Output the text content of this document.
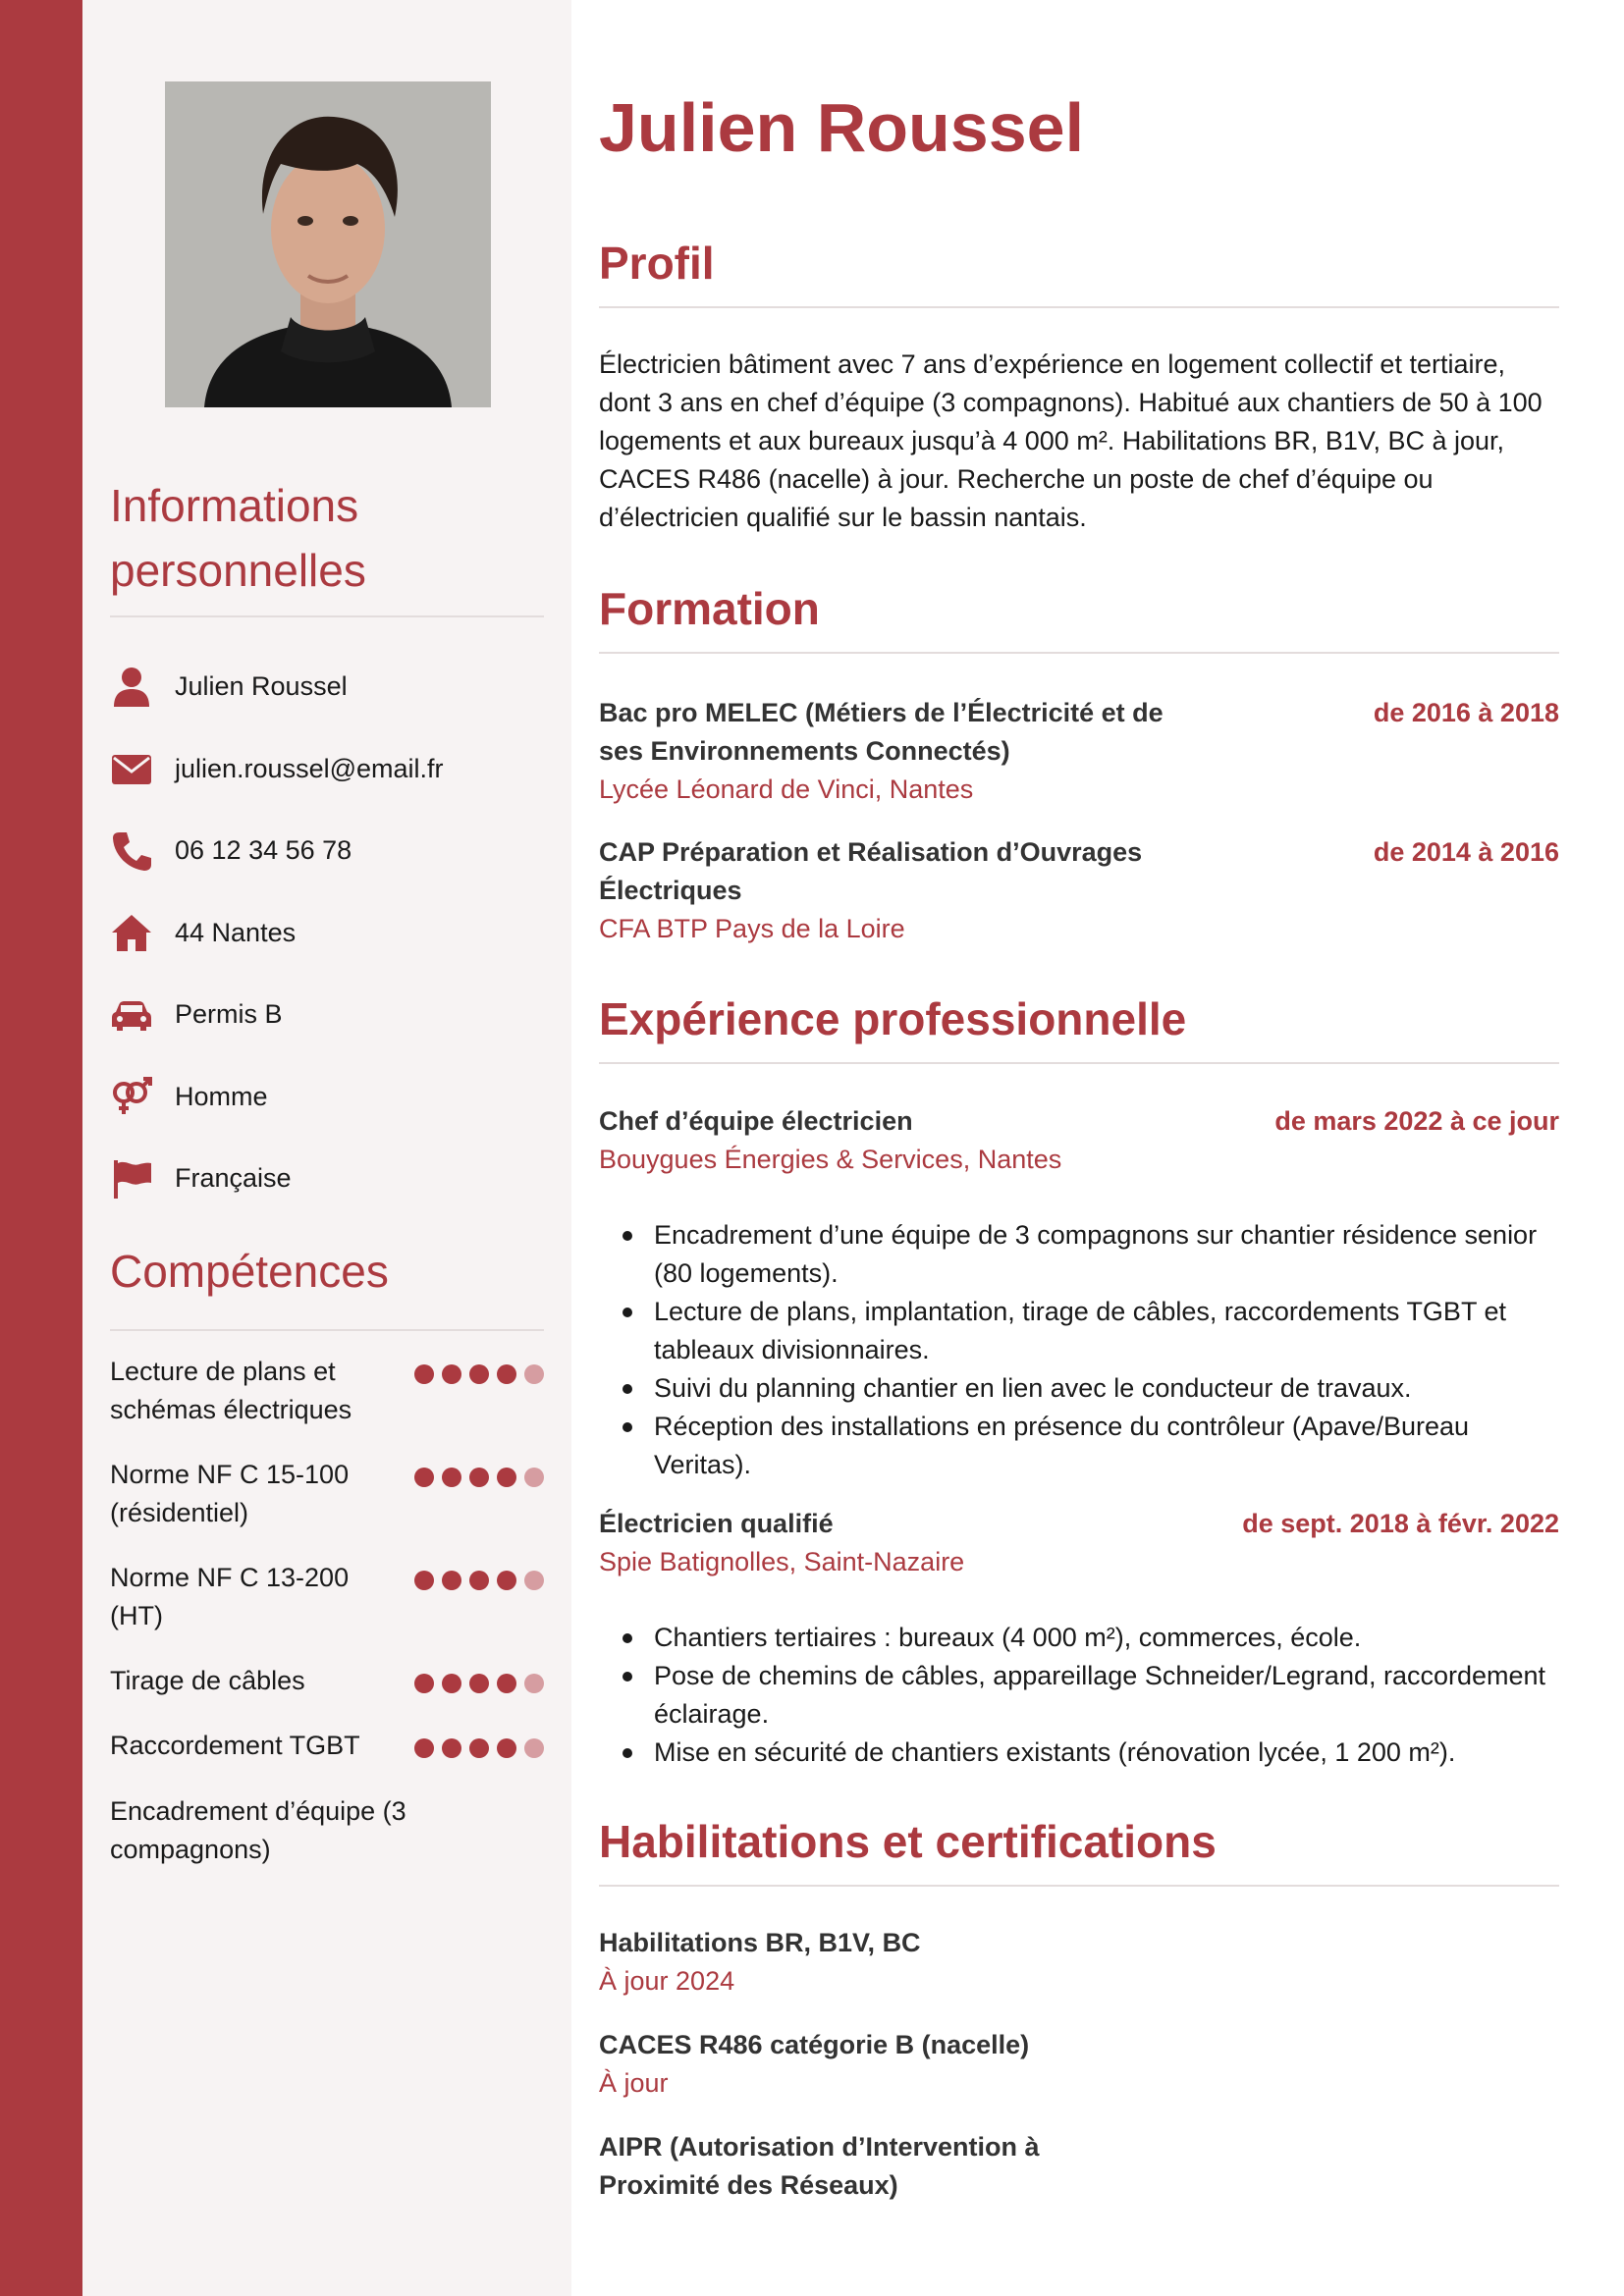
Informations personnelles
Julien Roussel
julien.roussel@email.fr
06 12 34 56 78
44 Nantes
Permis B
Homme
Française
Compétences
Lecture de plans et schémas électriques
Norme NF C 15-100 (résidentiel)
Norme NF C 13-200 (HT)
Tirage de câbles
Raccordement TGBT
Encadrement d’équipe (3 compagnons)
Julien Roussel
Profil

Électricien bâtiment avec 7 ans d’expérience en logement collectif et tertiaire, dont 3 ans en chef d’équipe (3 compagnons). Habitué aux chantiers de 50 à 100 logements et aux bureaux jusqu’à 4 000 m². Habilitations BR, B1V, BC à jour, CACES R486 (nacelle) à jour. Recherche un poste de chef d’équipe ou d’électricien qualifié sur le bassin nantais.

Formation
Bac pro MELEC (Métiers de l’Électricité et de ses Environnements Connectés)
de 2016 à 2018
Lycée Léonard de Vinci, Nantes
CAP Préparation et Réalisation d’Ouvrages Électriques
de 2014 à 2016
CFA BTP Pays de la Loire
Expérience professionnelle
Chef d’équipe électricien	de mars 2022 à ce jour
Bouygues Énergies & Services, Nantes
Encadrement d’une équipe de 3 compagnons sur chantier résidence senior (80 logements).
Lecture de plans, implantation, tirage de câbles, raccordements TGBT et tableaux divisionnaires.
Suivi du planning chantier en lien avec le conducteur de travaux.
Réception des installations en présence du contrôleur (Apave/Bureau Veritas).
Électricien qualifié	de sept. 2018 à févr. 2022
Spie Batignolles, Saint-Nazaire
Chantiers tertiaires : bureaux (4 000 m²), commerces, école.
Pose de chemins de câbles, appareillage Schneider/Legrand, raccordement éclairage.
Mise en sécurité de chantiers existants (rénovation lycée, 1 200 m²).
Habilitations et certifications
Habilitations BR, B1V, BC
À jour 2024
CACES R486 catégorie B (nacelle)
À jour
AIPR (Autorisation d’Intervention à Proximité des Réseaux)
